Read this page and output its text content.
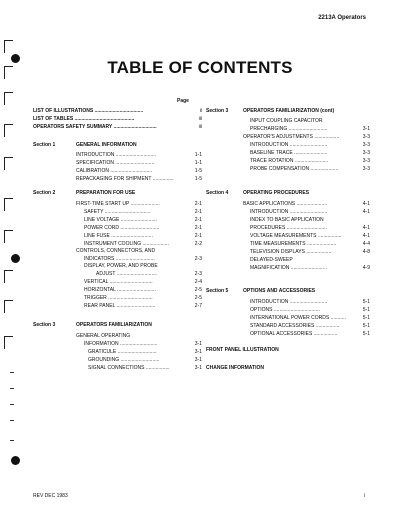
2213A Operators
TABLE OF CONTENTS
Page
LIST OF ILLUSTRATIONS ...................................	ii
LIST OF TABLES ...........................................	iii
OPERATORS SAFETY SUMMARY ...............................	iii
Section 1	GENERAL INFORMATION
INTRODUCTION .............................	1-1
SPECIFICATION ............................	1-1
CALIBRATION ..............................	1-5
REPACKAGING FOR SHIPMENT ...............	1-5
Section 2	PREPARATION FOR USE
FIRST-TIME START UP .....................	2-1
SAFETY .................................	2-1
LINE VOLTAGE ..........................	2-1
POWER CORD ............................	2-1
LINE FUSE ..............................	2-1
INSTRUMENT COOLING ...................	2-2
CONTROLS, CONNECTORS, AND
INDICATORS ............................	2-3
DISPLAY, POWER, AND PROBE
ADJUST .............................	2-3
VERTICAL ...............................	2-4
HORIZONTAL ............................	2-5
TRIGGER ................................	2-5
REAR PANEL ............................	2-7
Section 3	OPERATORS FAMILIARIZATION
GENERAL OPERATING
INFORMATION ...........................	3-1
GRATICULE ............................	3-1
GROUNDING ............................	3-1
SIGNAL CONNECTIONS .................	3-1
Section 3	OPERATORS FAMILIARIZATION (cont)
INPUT COUPLING CAPACITOR
PRECHARGING ............................	3-1
OPERATOR'S ADJUSTMENTS ..................	3-3
INTRODUCTION ...........................	3-3
BASELINE TRACE ........................	3-3
TRACE ROTATION ........................	3-3
PROBE COMPENSATION ....................	3-3
Section 4	OPERATING PROCEDURES
BASIC APPLICATIONS ......................	4-1
INTRODUCTION ...........................	4-1
INDEX TO BASIC APPLICATION
PROCEDURES .............................	4-1
VOLTAGE MEASUREMENTS .................	4-1
TIME MEASUREMENTS .....................	4-4
TELEVISION DISPLAYS ..................	4-8
DELAYED-SWEEP
MAGNIFICATION ..........................	4-9
Section 5	OPTIONS AND ACCESSORIES
INTRODUCTION ...........................	5-1
OPTIONS .................................	5-1
INTERNATIONAL POWER CORDS ...........	5-1
STANDARD ACCESSORIES .................	5-1
OPTIONAL ACCESSORIES .................	5-1
FRONT PANEL ILLUSTRATION
CHANGE INFORMATION
REV DEC 1983	i
